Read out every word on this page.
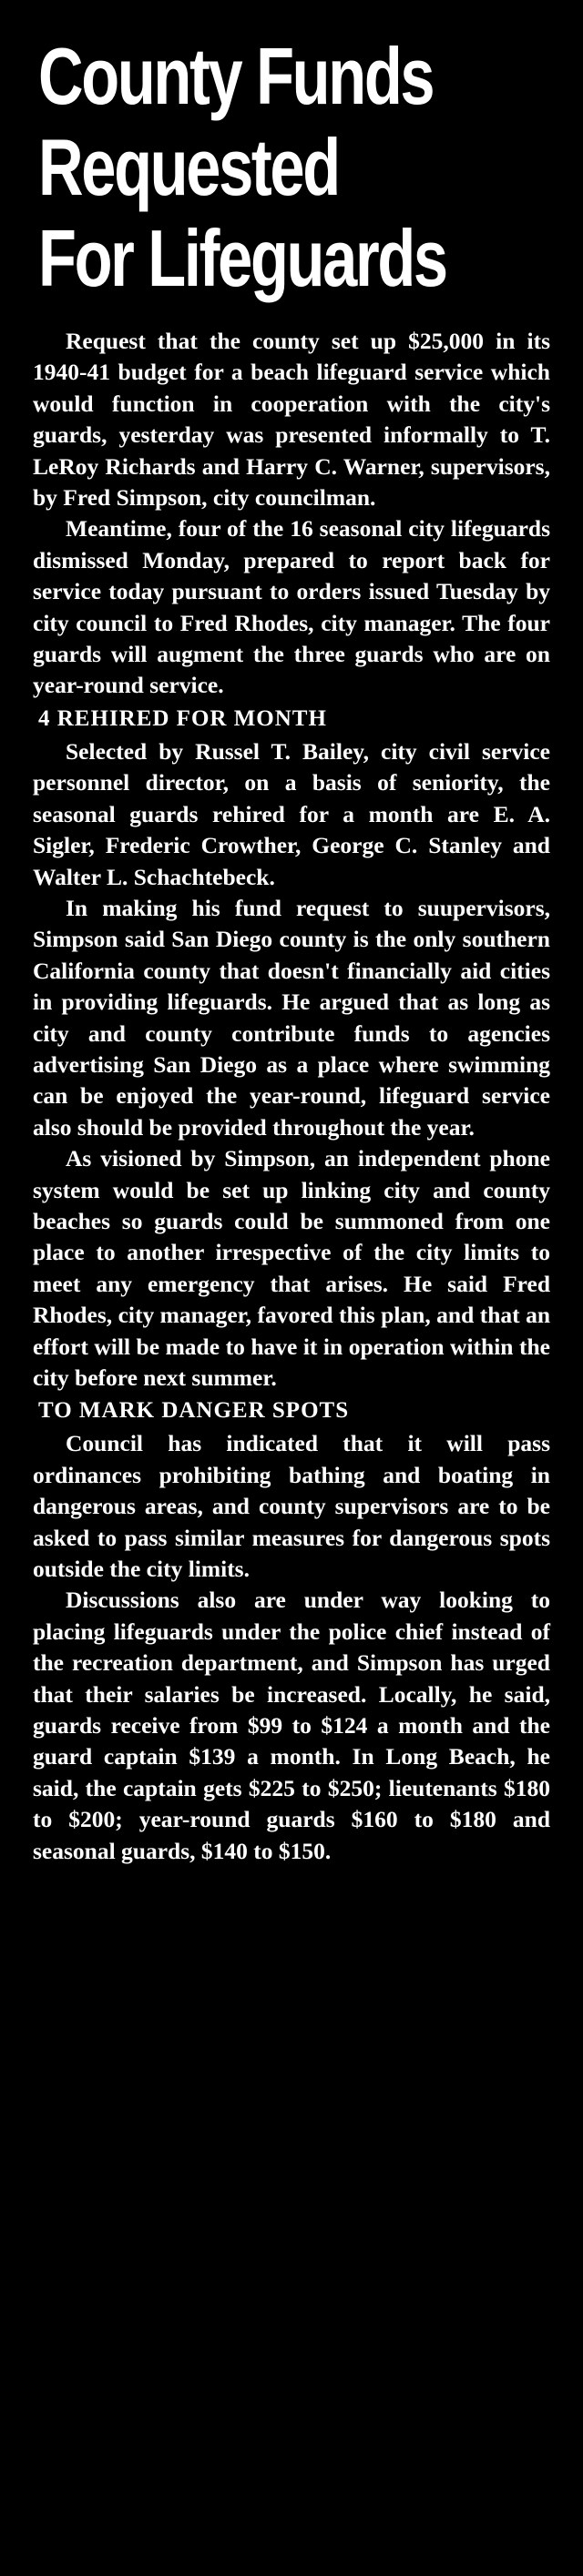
County Funds
Requested
For Lifeguards

Request that the county set up $25,000 in its 1940-41 budget for a beach lifeguard service which would function in cooperation with the city's guards, yesterday was presented informally to T. LeRoy Richards and Harry C. Warner, supervisors, by Fred Simpson, city councilman.

Meantime, four of the 16 seasonal city lifeguards dismissed Monday, prepared to report back for service today pursuant to orders issued Tuesday by city council to Fred Rhodes, city manager. The four guards will augment the three guards who are on year-round service.

4 REHIRED FOR MONTH

Selected by Russel T. Bailey, city civil service personnel director, on a basis of seniority, the seasonal guards rehired for a month are E. A. Sigler, Frederic Crowther, George C. Stanley and Walter L. Schachtebeck.

In making his fund request to suupervisors, Simpson said San Diego county is the only southern California county that doesn't financially aid cities in providing lifeguards. He argued that as long as city and county contribute funds to agencies advertising San Diego as a place where swimming can be enjoyed the year-round, lifeguard service also should be provided throughout the year.

As visioned by Simpson, an independent phone system would be set up linking city and county beaches so guards could be summoned from one place to another irrespective of the city limits to meet any emergency that arises. He said Fred Rhodes, city manager, favored this plan, and that an effort will be made to have it in operation within the city before next summer.

TO MARK DANGER SPOTS

Council has indicated that it will pass ordinances prohibiting bathing and boating in dangerous areas, and county supervisors are to be asked to pass similar measures for dangerous spots outside the city limits.

Discussions also are under way looking to placing lifeguards under the police chief instead of the recreation department, and Simpson has urged that their salaries be increased. Locally, he said, guards receive from $99 to $124 a month and the guard captain $139 a month. In Long Beach, he said, the captain gets $225 to $250; lieutenants $180 to $200; year-round guards $160 to $180 and seasonal guards, $140 to $150.
